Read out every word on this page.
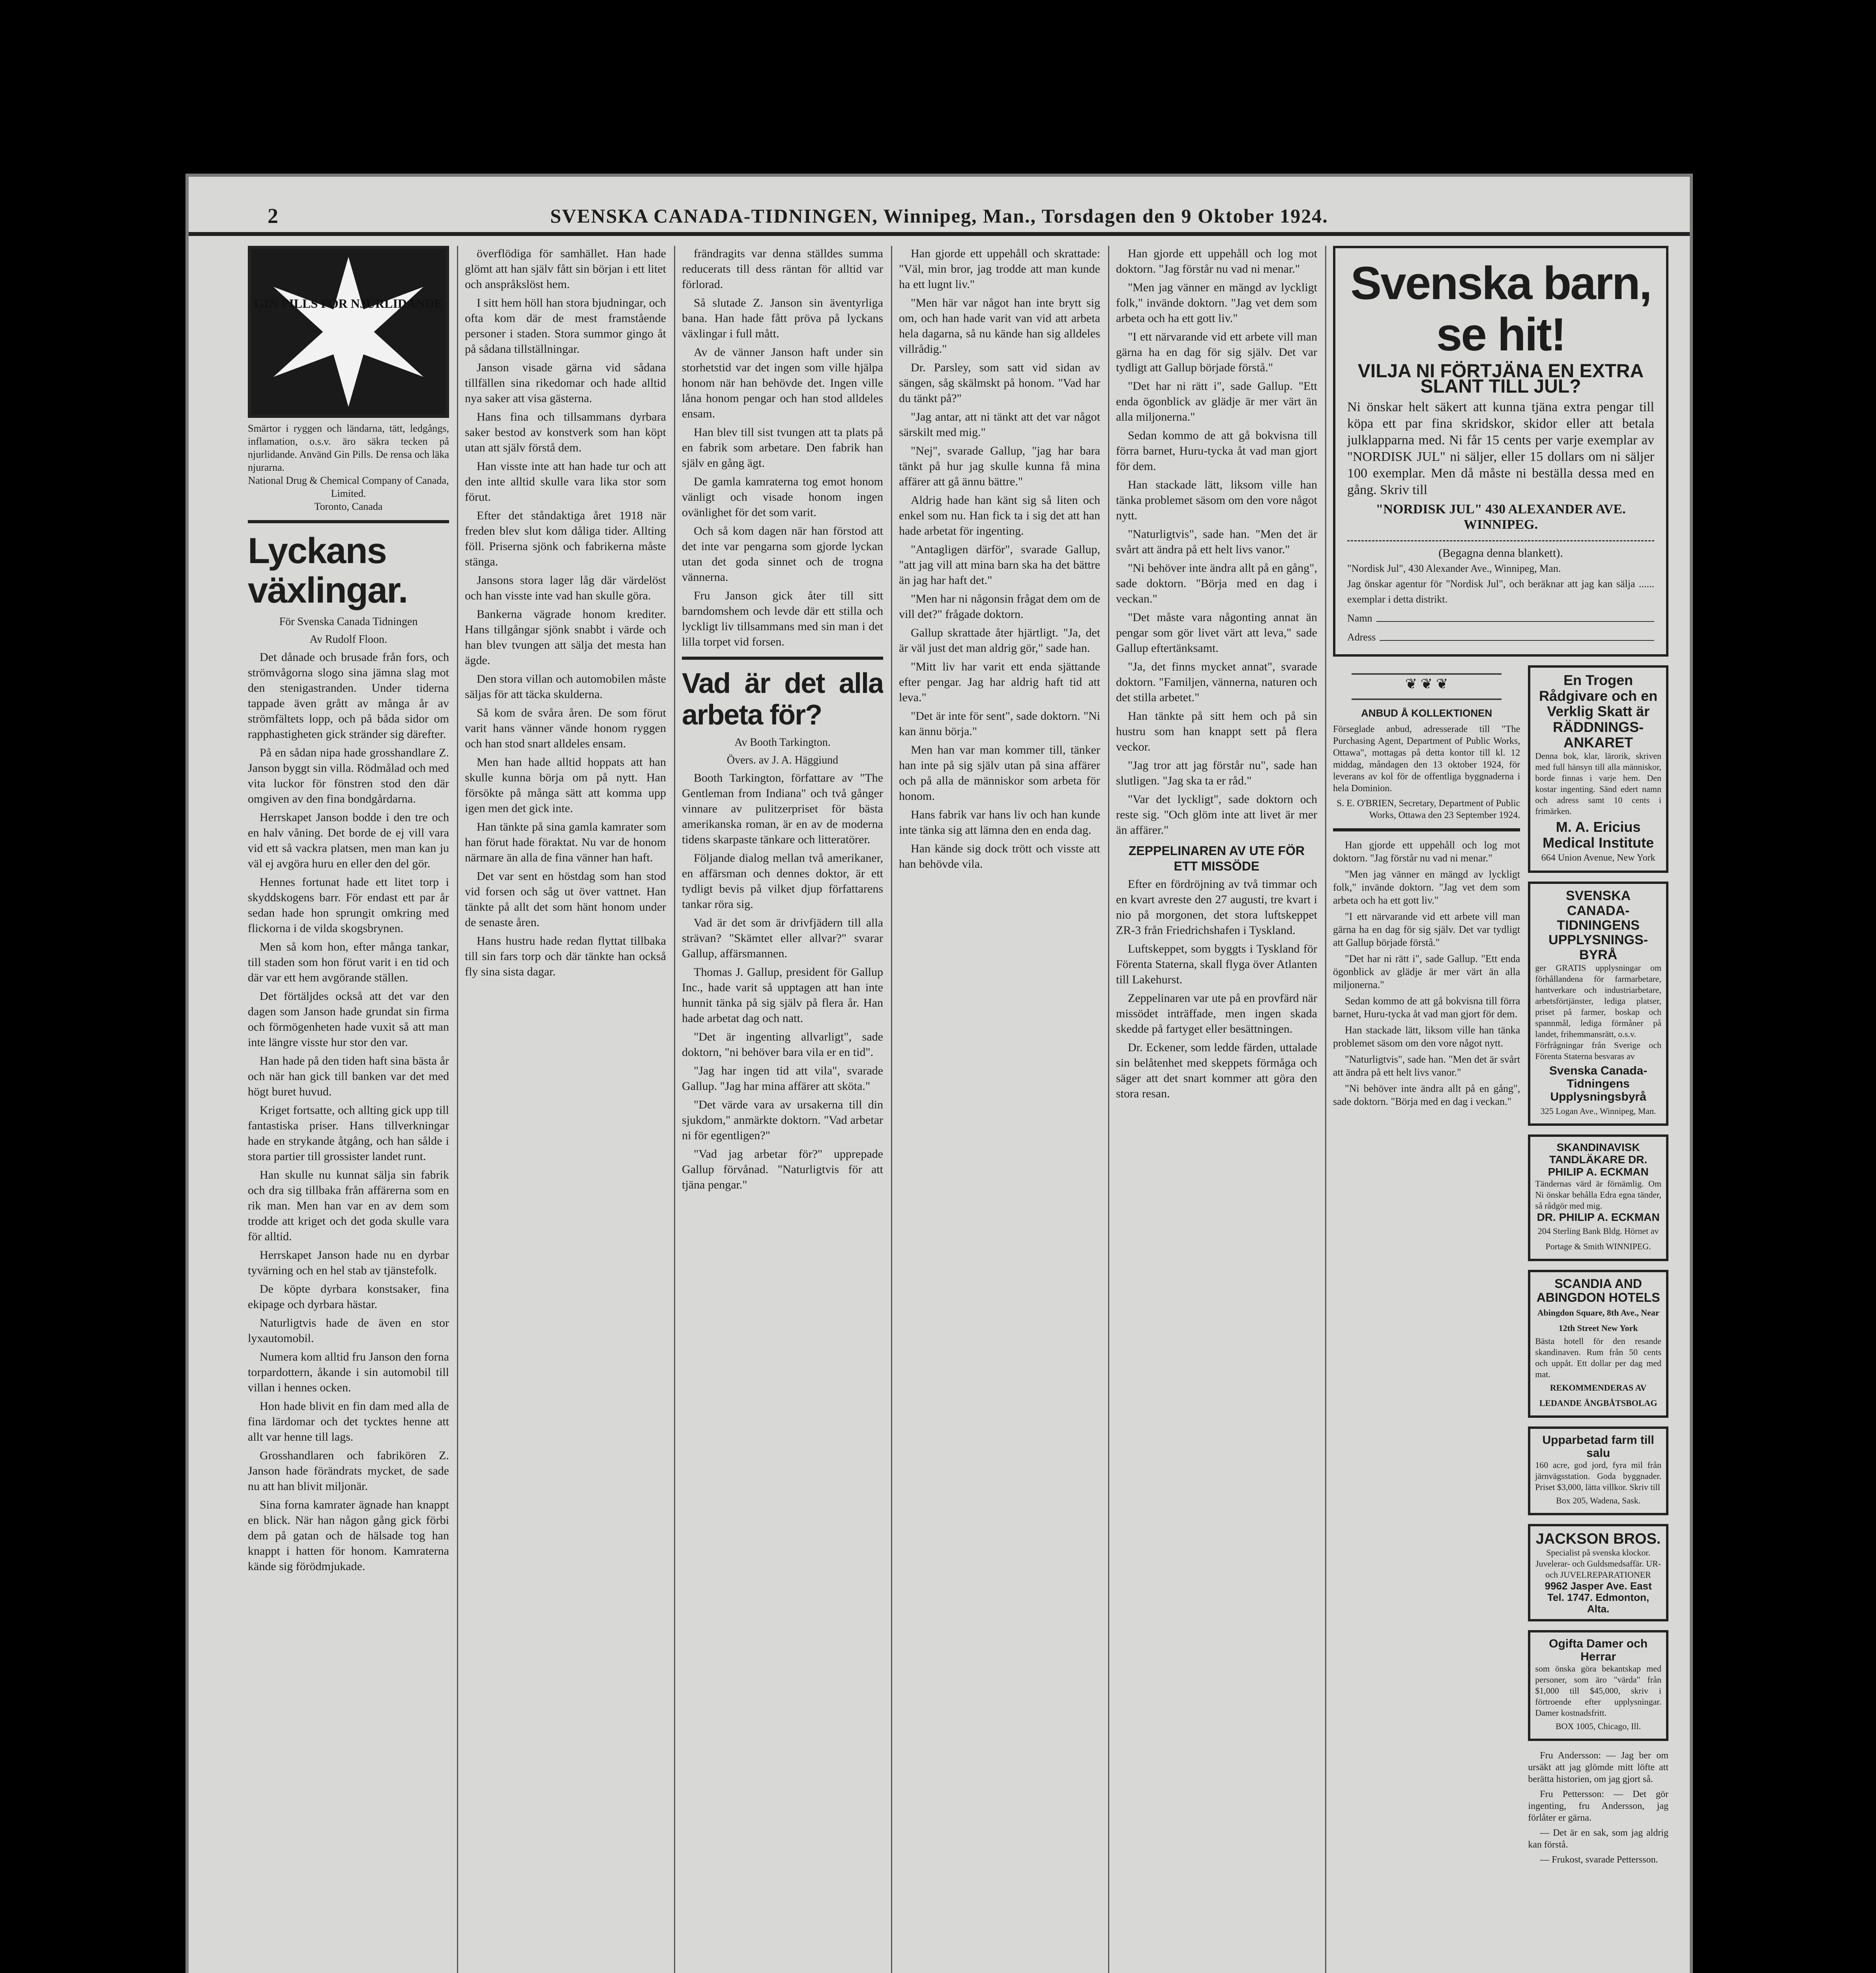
2	SVENSKA CANADA-TIDNINGEN, Winnipeg, Man., Torsdagen den 9 Oktober 1924.
GIN PILLS FOR NJURLIDANDE
Smärtor i ryggen och ländarna, tätt, ledgångs, inflamation, o.s.v. äro säkra tecken på njurlidande. Använd Gin Pills. De rensa och läka njurarna.
National Drug & Chemical Company of Canada, Limited.
Toronto, Canada
Lyckans växlingar.
För Svenska Canada Tidningen
Av Rudolf Floon.

Det dånade och brusade från fors, och strömvågorna slogo sina jämna slag mot den stenigastranden. Under tiderna tappade även grått av många år av strömfältets lopp, och på båda sidor om rapphastigheten gick stränder sig därefter.

På en sådan nipa hade grosshandlare Z. Janson byggt sin villa. Rödmålad och med vita luckor för fönstren stod den där omgiven av den fina bondgårdarna.

Herrskapet Janson bodde i den tre och en halv våning. Det borde de ej vill vara vid ett så vackra platsen, men man kan ju väl ej avgöra huru en eller den del gör.

Hennes fortunat hade ett litet torp i skyddskogens barr. För endast ett par år sedan hade hon sprungit omkring med flickorna i de vilda skogsbrynen.

Men så kom hon, efter många tankar, till staden som hon förut varit i en tid och där var ett hem avgörande ställen.

Det förtäljdes också att det var den dagen som Janson hade grundat sin firma och förmögenheten hade vuxit så att man inte längre visste hur stor den var.

Han hade på den tiden haft sina bästa år och när han gick till banken var det med högt buret huvud.

Kriget fortsatte, och allting gick upp till fantastiska priser. Hans tillverkningar hade en strykande åtgång, och han sålde i stora partier till grossister landet runt.

Han skulle nu kunnat sälja sin fabrik och dra sig tillbaka från affärerna som en rik man. Men han var en av dem som trodde att kriget och det goda skulle vara för alltid.

Herrskapet Janson hade nu en dyrbar tyvärning och en hel stab av tjänstefolk.

De köpte dyrbara konstsaker, fina ekipage och dyrbara hästar.

Naturligtvis hade de även en stor lyxautomobil.

Numera kom alltid fru Janson den forna torpardottern, åkande i sin automobil till villan i hennes ocken.

Hon hade blivit en fin dam med alla de fina lärdomar och det tycktes henne att allt var henne till lags.

Grosshandlaren och fabrikören Z. Janson hade förändrats mycket, de sade nu att han blivit miljonär.

Sina forna kamrater ägnade han knappt en blick. När han någon gång gick förbi dem på gatan och de hälsade tog han knappt i hatten för honom. Kamraterna kände sig förödmjukade.

överflödiga för samhället. Han hade glömt att han själv fått sin början i ett litet och anspråkslöst hem.

I sitt hem höll han stora bjudningar, och ofta kom där de mest framstående personer i staden. Stora summor gingo åt på sådana tillställningar.

Janson visade gärna vid sådana tillfällen sina rikedomar och hade alltid nya saker att visa gästerna.

Hans fina och tillsammans dyrbara saker bestod av konstverk som han köpt utan att själv förstå dem.

Han visste inte att han hade tur och att den inte alltid skulle vara lika stor som förut.

Efter det ståndaktiga året 1918 när freden blev slut kom dåliga tider. Allting föll. Priserna sjönk och fabrikerna måste stänga.

Jansons stora lager låg där värdelöst och han visste inte vad han skulle göra.

Bankerna vägrade honom krediter. Hans tillgångar sjönk snabbt i värde och han blev tvungen att sälja det mesta han ägde.

Den stora villan och automobilen måste säljas för att täcka skulderna.

Så kom de svåra åren. De som förut varit hans vänner vände honom ryggen och han stod snart alldeles ensam.

Men han hade alltid hoppats att han skulle kunna börja om på nytt. Han försökte på många sätt att komma upp igen men det gick inte.

Han tänkte på sina gamla kamrater som han förut hade föraktat. Nu var de honom närmare än alla de fina vänner han haft.

Det var sent en höstdag som han stod vid forsen och såg ut över vattnet. Han tänkte på allt det som hänt honom under de senaste åren.

Hans hustru hade redan flyttat tillbaka till sin fars torp och där tänkte han också fly sina sista dagar.

frändragits var denna ställdes summa reducerats till dess räntan för alltid var förlorad.

Så slutade Z. Janson sin äventyrliga bana. Han hade fått pröva på lyckans växlingar i full mått.

Av de vänner Janson haft under sin storhetstid var det ingen som ville hjälpa honom när han behövde det. Ingen ville låna honom pengar och han stod alldeles ensam.

Han blev till sist tvungen att ta plats på en fabrik som arbetare. Den fabrik han själv en gång ägt.

De gamla kamraterna tog emot honom vänligt och visade honom ingen ovänlighet för det som varit.

Och så kom dagen när han förstod att det inte var pengarna som gjorde lyckan utan det goda sinnet och de trogna vännerna.

Fru Janson gick åter till sitt barndomshem och levde där ett stilla och lyckligt liv tillsammans med sin man i det lilla torpet vid forsen.

Vad är det alla arbeta för?
Av Booth Tarkington.
Övers. av J. A. Häggiund

Booth Tarkington, författare av "The Gentleman from Indiana" och två gånger vinnare av pulitzerpriset för bästa amerikanska roman, är en av de moderna tidens skarpaste tänkare och litteratörer.

Följande dialog mellan två amerikaner, en affärsman och dennes doktor, är ett tydligt bevis på vilket djup författarens tankar röra sig.

Vad är det som är drivfjädern till alla strävan? "Skämtet eller allvar?" svarar Gallup, affärsmannen.

Thomas J. Gallup, president för Gallup Inc., hade varit så upptagen att han inte hunnit tänka på sig själv på flera år. Han hade arbetat dag och natt.

"Det är ingenting allvarligt", sade doktorn, "ni behöver bara vila er en tid".

"Jag har ingen tid att vila", svarade Gallup. "Jag har mina affärer att sköta."

"Det värde vara av ursakerna till din sjukdom," anmärkte doktorn. "Vad arbetar ni för egentligen?"

"Vad jag arbetar för?" upprepade Gallup förvånad. "Naturligtvis för att tjäna pengar."

Han gjorde ett uppehåll och skrattade: "Väl, min bror, jag trodde att man kunde ha ett lugnt liv."

"Men här var något han inte brytt sig om, och han hade varit van vid att arbeta hela dagarna, så nu kände han sig alldeles villrådig."

Dr. Parsley, som satt vid sidan av sängen, såg skälmskt på honom. "Vad har du tänkt på?"

"Jag antar, att ni tänkt att det var något särskilt med mig."

"Nej", svarade Gallup, "jag har bara tänkt på hur jag skulle kunna få mina affärer att gå ännu bättre."

Aldrig hade han känt sig så liten och enkel som nu. Han fick ta i sig det att han hade arbetat för ingenting.

"Antagligen därför", svarade Gallup, "att jag vill att mina barn ska ha det bättre än jag har haft det."

"Men har ni någonsin frågat dem om de vill det?" frågade doktorn.

Gallup skrattade åter hjärtligt. "Ja, det är väl just det man aldrig gör," sade han.

"Mitt liv har varit ett enda sjättande efter pengar. Jag har aldrig haft tid att leva."

"Det är inte för sent", sade doktorn. "Ni kan ännu börja."

Men han var man kommer till, tänker han inte på sig själv utan på sina affärer och på alla de människor som arbeta för honom.

Hans fabrik var hans liv och han kunde inte tänka sig att lämna den en enda dag.

Han kände sig dock trött och visste att han behövde vila.

Han gjorde ett uppehåll och log mot doktorn. "Jag förstår nu vad ni menar."

"Men jag vänner en mängd av lyckligt folk," invände doktorn. "Jag vet dem som arbeta och ha ett gott liv."

"I ett närvarande vid ett arbete vill man gärna ha en dag för sig själv. Det var tydligt att Gallup började förstå."

"Det har ni rätt i", sade Gallup. "Ett enda ögonblick av glädje är mer värt än alla miljonerna."

Sedan kommo de att gå bokvisna till förra barnet, Huru-tycka åt vad man gjort för dem.

Han stackade lätt, liksom ville han tänka problemet säsom om den vore något nytt.

"Naturligtvis", sade han. "Men det är svårt att ändra på ett helt livs vanor."

"Ni behöver inte ändra allt på en gång", sade doktorn. "Börja med en dag i veckan."

"Det måste vara någonting annat än pengar som gör livet värt att leva," sade Gallup eftertänksamt.

"Ja, det finns mycket annat", svarade doktorn. "Familjen, vännerna, naturen och det stilla arbetet."

Han tänkte på sitt hem och på sin hustru som han knappt sett på flera veckor.

"Jag tror att jag förstår nu", sade han slutligen. "Jag ska ta er råd."

"Var det lyckligt", sade doktorn och reste sig. "Och glöm inte att livet är mer än affärer."

ZEPPELINAREN AV UTE FÖR ETT MISSÖDE

Efter en fördröjning av två timmar och en kvart avreste den 27 augusti, tre kvart i nio på morgonen, det stora luftskeppet ZR-3 från Friedrichshafen i Tyskland.

Luftskeppet, som byggts i Tyskland för Förenta Staterna, skall flyga över Atlanten till Lakehurst.

Zeppelinaren var ute på en provfärd när missödet inträffade, men ingen skada skedde på fartyget eller besättningen.

Dr. Eckener, som ledde färden, uttalade sin belåtenhet med skeppets förmåga och säger att det snart kommer att göra den stora resan.

Svenska barn, se hit!
VILJA NI FÖRTJÄNA EN EXTRA SLANT TILL JUL?
Ni önskar helt säkert att kunna tjäna extra pengar till köpa ett par fina skridskor, skidor eller att betala julklapparna med. Ni får 15 cents per varje exemplar av "NORDISK JUL" ni säljer, eller 15 dollars om ni säljer 100 exemplar. Men då måste ni beställa dessa med en gång. Skriv till
"NORDISK JUL" 430 ALEXANDER AVE. WINNIPEG.
(Begagna denna blankett).
"Nordisk Jul", 430 Alexander Ave., Winnipeg, Man.
Jag önskar agentur för "Nordisk Jul", och beräknar att jag kan sälja ...... exemplar i detta distrikt.
Namn
Adress
❦ ❦ ❦
ANBUD Å KOLLEKTIONEN
Förseglade anbud, adresserade till "The Purchasing Agent, Department of Public Works, Ottawa", mottagas på detta kontor till kl. 12 middag, måndagen den 13 oktober 1924, för leverans av kol för de offentliga byggnaderna i hela Dominion.
S. E. O'BRIEN, Secretary, Department of Public Works, Ottawa den 23 September 1924.

Han gjorde ett uppehåll och log mot doktorn. "Jag förstår nu vad ni menar."

"Men jag vänner en mängd av lyckligt folk," invände doktorn. "Jag vet dem som arbeta och ha ett gott liv."

"I ett närvarande vid ett arbete vill man gärna ha en dag för sig själv. Det var tydligt att Gallup började förstå."

"Det har ni rätt i", sade Gallup. "Ett enda ögonblick av glädje är mer värt än alla miljonerna."

Sedan kommo de att gå bokvisna till förra barnet, Huru-tycka åt vad man gjort för dem.

Han stackade lätt, liksom ville han tänka problemet säsom om den vore något nytt.

"Naturligtvis", sade han. "Men det är svårt att ändra på ett helt livs vanor."

"Ni behöver inte ändra allt på en gång", sade doktorn. "Börja med en dag i veckan."

En Trogen Rådgivare och en Verklig Skatt är RÄDDNINGS-ANKARET
Denna bok, klar, lärorik, skriven med full hänsyn till alla människor, borde finnas i varje hem. Den kostar ingenting. Sänd edert namn och adress samt 10 cents i frimärken.
M. A. Ericius Medical Institute
664 Union Avenue, New York
SVENSKA CANADA-TIDNINGENS UPPLYSNINGS-BYRÅ
ger GRATIS upplysningar om förhållandena för farmarbetare, hantverkare och industriarbetare, arbetsförtjänster, lediga platser, priset på farmer, boskap och spannmål, lediga förmåner på landet, frihemmansrätt, o.s.v.
Förfrågningar från Sverige och Förenta Staterna besvaras av
Svenska Canada-Tidningens Upplysningsbyrå
325 Logan Ave., Winnipeg, Man.
SKANDINAVISK TANDLÄKARE DR. PHILIP A. ECKMAN
Tändernas värd är förnämlig. Om Ni önskar behålla Edra egna tänder, så rådgör med mig.
DR. PHILIP A. ECKMAN
204 Sterling Bank Bldg. Hörnet av Portage & Smith WINNIPEG.
SCANDIA AND ABINGDON HOTELS
Abingdon Square, 8th Ave., Near 12th Street New York
Bästa hotell för den resande skandinaven. Rum från 50 cents och uppåt. Ett dollar per dag med mat.
REKOMMENDERAS AV LEDANDE ÅNGBÅTSBOLAG
Upparbetad farm till salu
160 acre, god jord, fyra mil från järnvägsstation. Goda byggnader. Priset $3,000, lätta villkor. Skriv till
Box 205, Wadena, Sask.
JACKSON BROS.
Specialist på svenska klockor. Juvelerar- och Guldsmedsaffär. UR- och JUVELREPARATIONER
9962 Jasper Ave. East
Tel. 1747. Edmonton, Alta.
Ogifta Damer och Herrar
som önska göra bekantskap med personer, som äro "värda" från $1,000 till $45,000, skriv i förtroende efter upplysningar. Damer kostnadsfritt.
BOX 1005, Chicago, Ill.

Fru Andersson: — Jag ber om ursäkt att jag glömde mitt löfte att berätta historien, om jag gjort så.

Fru Pettersson: — Det gör ingenting, fru Andersson, jag förlåter er gärna.

— Det är en sak, som jag aldrig kan förstå.

— Frukost, svarade Pettersson.
